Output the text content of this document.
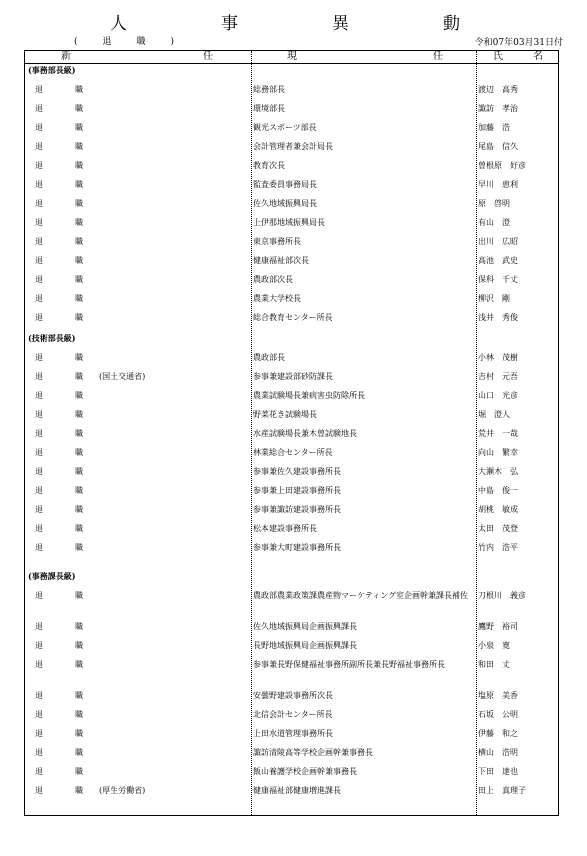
人	事	異	動
(	退	職	)	令和07年03月31日付
新	任	現	任	氏	名
(事務部長級)
退	職	総務部長	渡辺　高秀
退	職	環境部長	諏訪　孝治
退	職	観光スポーツ部長	加藤　浩
退	職	会計管理者兼会計局長	尾島　信久
退	職	教育次長	曽根原　好彦
退	職	監査委員事務局長	早川　恵利
退	職	佐久地域振興局長	原　啓明
退	職	上伊那地域振興局長	有山　澄
退	職	東京事務所長	出川　広昭
退	職	健康福祉部次長	高池　武史
退	職	農政部次長	保科　千丈
退	職	農業大学校長	柳沢　剛
退	職	総合教育センター所長	浅井　秀俊
(技術部長級)
退	職	農政部長	小林　茂樹
退	職 (国土交通省)	参事兼建設部砂防課長	吉村　元吾
退	職	農業試験場長兼病害虫防除所長	山口　光彦
退	職	野菜花き試験場長	堀　澄人
退	職	水産試験場長兼木曽試験地長	荒井　一哉
退	職	林業総合センター所長	向山　繁幸
退	職	参事兼佐久建設事務所長	大瀬木　弘
退	職	参事兼上田建設事務所長	中島　俊一
退	職	参事兼諏訪建設事務所長	胡桃　敏成
退	職	松本建設事務所長	太田　茂登
退	職	参事兼大町建設事務所長	竹内　浩平
(事務課長級)
退	職	農政部農業政策課農産物マーケティング室企画幹兼課長補佐	刀根川　義彦
退	職	佐久地域振興局企画振興課長	鷹野　裕司
退	職	長野地域振興局企画振興課長	小泉　寛
退	職	参事兼長野保健福祉事務所副所長兼長野福祉事務所長	和田　丈
退	職	安曇野建設事務所次長	塩原　美香
退	職	北信会計センター所長	石坂　公明
退	職	上田水道管理事務所長	伊藤　和之
退	職	諏訪清陵高等学校企画幹兼事務長	横山　浩明
退	職	飯山養護学校企画幹兼事務長	下田　達也
退	職 (厚生労働省)	健康福祉部健康増進課長	田上　真理子
